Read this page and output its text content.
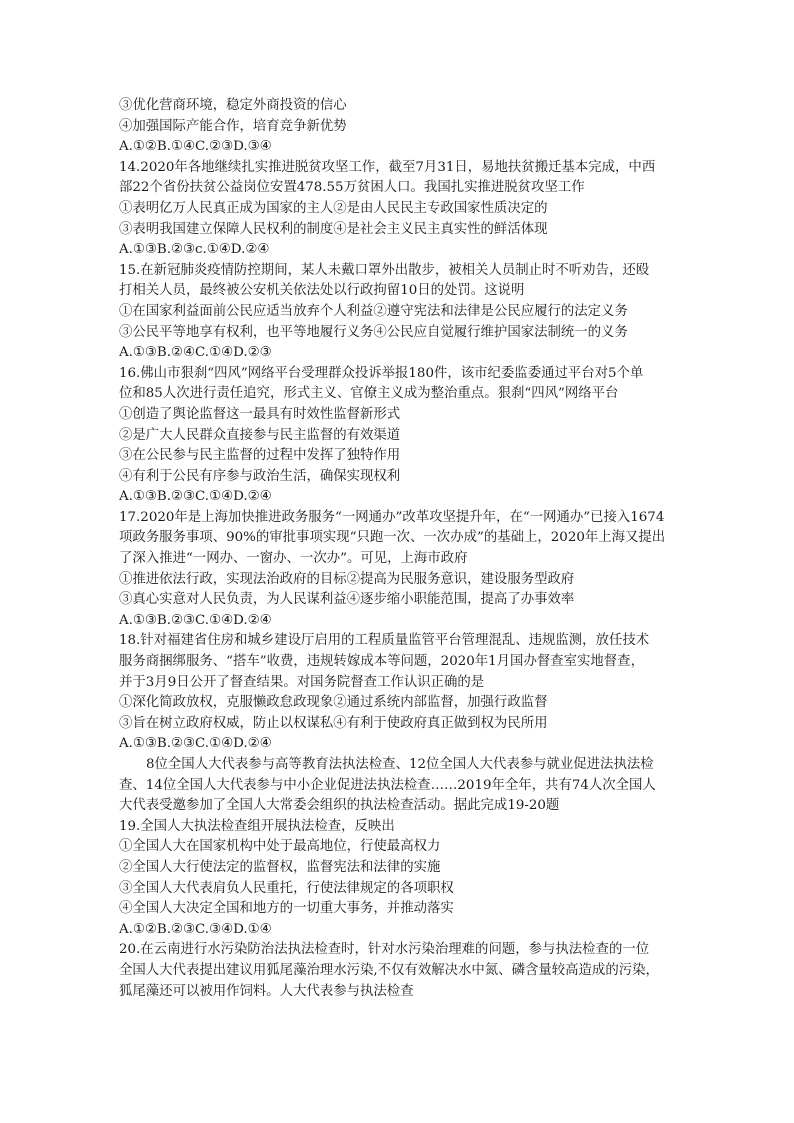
③优化营商环境，稳定外商投资的信心
④加强国际产能合作，培育竞争新优势
A.①②B.①④C.②③D.③④
14.2020年各地继续扎实推进脱贫攻坚工作，截至7月31日，易地扶贫搬迁基本完成，中西
部22个省份扶贫公益岗位安置478.55万贫困人口。我国扎实推进脱贫攻坚工作
①表明亿万人民真正成为国家的主人②是由人民民主专政国家性质决定的
③表明我国建立保障人民权利的制度④是社会主义民主真实性的鲜活体现
A.①③B.②③c.①④D.②④
15.在新冠肺炎疫情防控期间，某人未戴口罩外出散步，被相关人员制止时不听劝告，还殴
打相关人员，最终被公安机关依法处以行政拘留10日的处罚。这说明
①在国家利益面前公民应适当放弃个人利益②遵守宪法和法律是公民应履行的法定义务
③公民平等地享有权利，也平等地履行义务④公民应自觉履行维护国家法制统一的义务
A.①③B.②④C.①④D.②③
16.佛山市狠刹“四风”网络平台受理群众投诉举报180件，该市纪委监委通过平台对5个单
位和85人次进行责任追究，形式主义、官僚主义成为整治重点。狠刹“四风”网络平台
①创造了舆论监督这一最具有时效性监督新形式
②是广大人民群众直接参与民主监督的有效渠道
③在公民参与民主监督的过程中发挥了独特作用
④有利于公民有序参与政治生活，确保实现权利
A.①③B.②③C.①④D.②④
17.2020年是上海加快推进政务服务“一网通办”改革攻坚提升年，在“一网通办”已接入1674
项政务服务事项、90%的审批事项实现“只跑一次、一次办成”的基础上，2020年上海又提出
了深入推进“一网办、一窗办、一次办”。可见，上海市政府
①推进依法行政，实现法治政府的目标②提高为民服务意识，建设服务型政府
③真心实意对人民负责，为人民谋利益④逐步缩小职能范围，提高了办事效率
A.①③B.②③C.①④D.②④
18.针对福建省住房和城乡建设厅启用的工程质量监管平台管理混乱、违规监测，放任技术
服务商捆绑服务、“搭车”收费，违规转嫁成本等问题，2020年1月国办督查室实地督查，
并于3月9日公开了督查结果。对国务院督查工作认识正确的是
①深化简政放权，克服懒政怠政现象②通过系统内部监督，加强行政监督
③旨在树立政府权威，防止以权谋私④有利于使政府真正做到权为民所用
A.①③B.②③C.①④D.②④
8位全国人大代表参与高等教育法执法检查、12位全国人大代表参与就业促进法执法检
查、14位全国人大代表参与中小企业促进法执法检查……2019年全年，共有74人次全国人
大代表受邀参加了全国人大常委会组织的执法检查活动。据此完成19-20题
19.全国人大执法检查组开展执法检查，反映出
①全国人大在国家机构中处于最高地位，行使最高权力
②全国人大行使法定的监督权，监督宪法和法律的实施
③全国人大代表肩负人民重托，行使法律规定的各项职权
④全国人大决定全国和地方的一切重大事务，并推动落实
A.①②B.②③C.③④D.①④
20.在云南进行水污染防治法执法检查时，针对水污染治理难的问题，参与执法检查的一位
全国人大代表提出建议用狐尾藻治理水污染,不仅有效解决水中氮、磷含量较高造成的污染，
狐尾藻还可以被用作饲料。人大代表参与执法检查
